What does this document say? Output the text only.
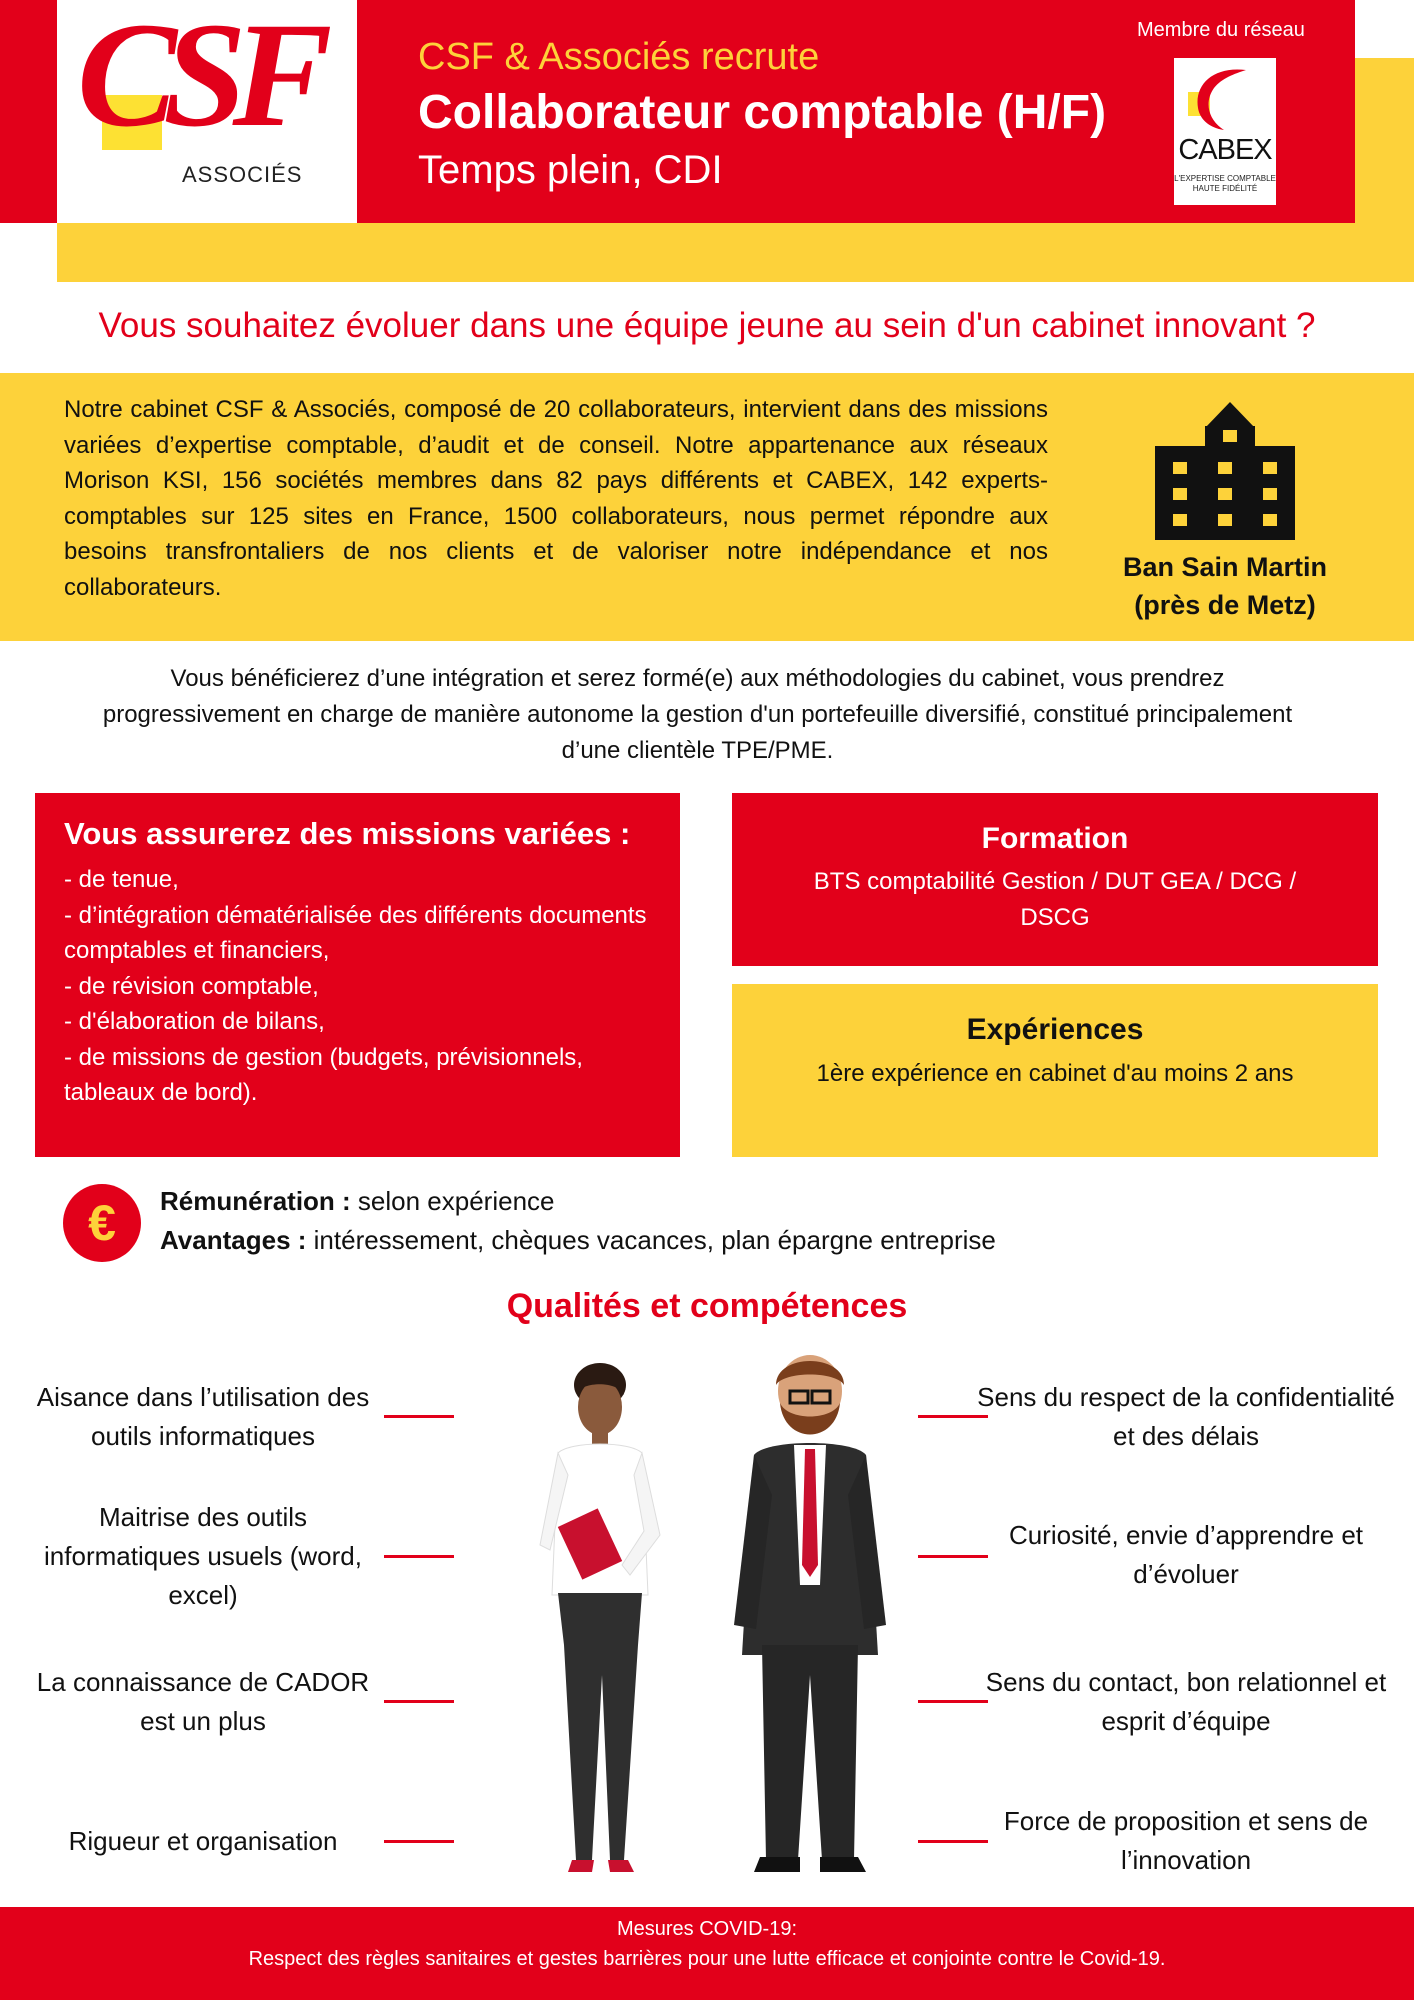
CSF
ASSOCIÉS
CSF & Associés recrute
Collaborateur comptable (H/F)
Temps plein, CDI
Membre du réseau
CABEX
L'EXPERTISE COMPTABLE
HAUTE FIDÉLITÉ
Vous souhaitez évoluer dans une équipe jeune au sein d'un cabinet innovant ?
Notre cabinet CSF & Associés, composé de 20 collaborateurs, intervient dans des missions variées d’expertise comptable, d’audit et de conseil. Notre appartenance aux réseaux Morison KSI, 156 sociétés membres dans 82 pays différents et CABEX, 142 experts-comptables sur 125 sites en France, 1500 collaborateurs, nous permet répondre aux besoins transfrontaliers de nos clients et de valoriser notre indépendance et nos collaborateurs.
Ban Sain Martin
(près de Metz)
Vous bénéficierez d’une intégration et serez formé(e) aux méthodologies du cabinet, vous prendrez progressivement en charge de manière autonome la gestion d'un portefeuille diversifié, constitué principalement d’une clientèle TPE/PME.
Vous assurerez des missions variées :
- de tenue,
- d’intégration dématérialisée des différents documents comptables et financiers,
- de révision comptable,
- d'élaboration de bilans,
- de missions de gestion (budgets, prévisionnels, tableaux de bord).
Formation
BTS comptabilité Gestion / DUT GEA / DCG / DSCG
Expériences
1ère expérience en cabinet d'au moins 2 ans
€	Rémunération : selon expérience
Avantages : intéressement, chèques vacances, plan épargne entreprise
Qualités et compétences
Aisance dans l’utilisation des outils informatiques
Maitrise des outils informatiques usuels (word, excel)
La connaissance de CADOR est un plus
Rigueur et organisation
Sens du respect de la confidentialité et des délais
Curiosité, envie d’apprendre et d’évoluer
Sens du contact, bon relationnel et esprit d’équipe
Force de proposition et sens de l’innovation
Mesures COVID-19:
Respect des règles sanitaires et gestes barrières pour une lutte efficace et conjointe contre le Covid-19.
